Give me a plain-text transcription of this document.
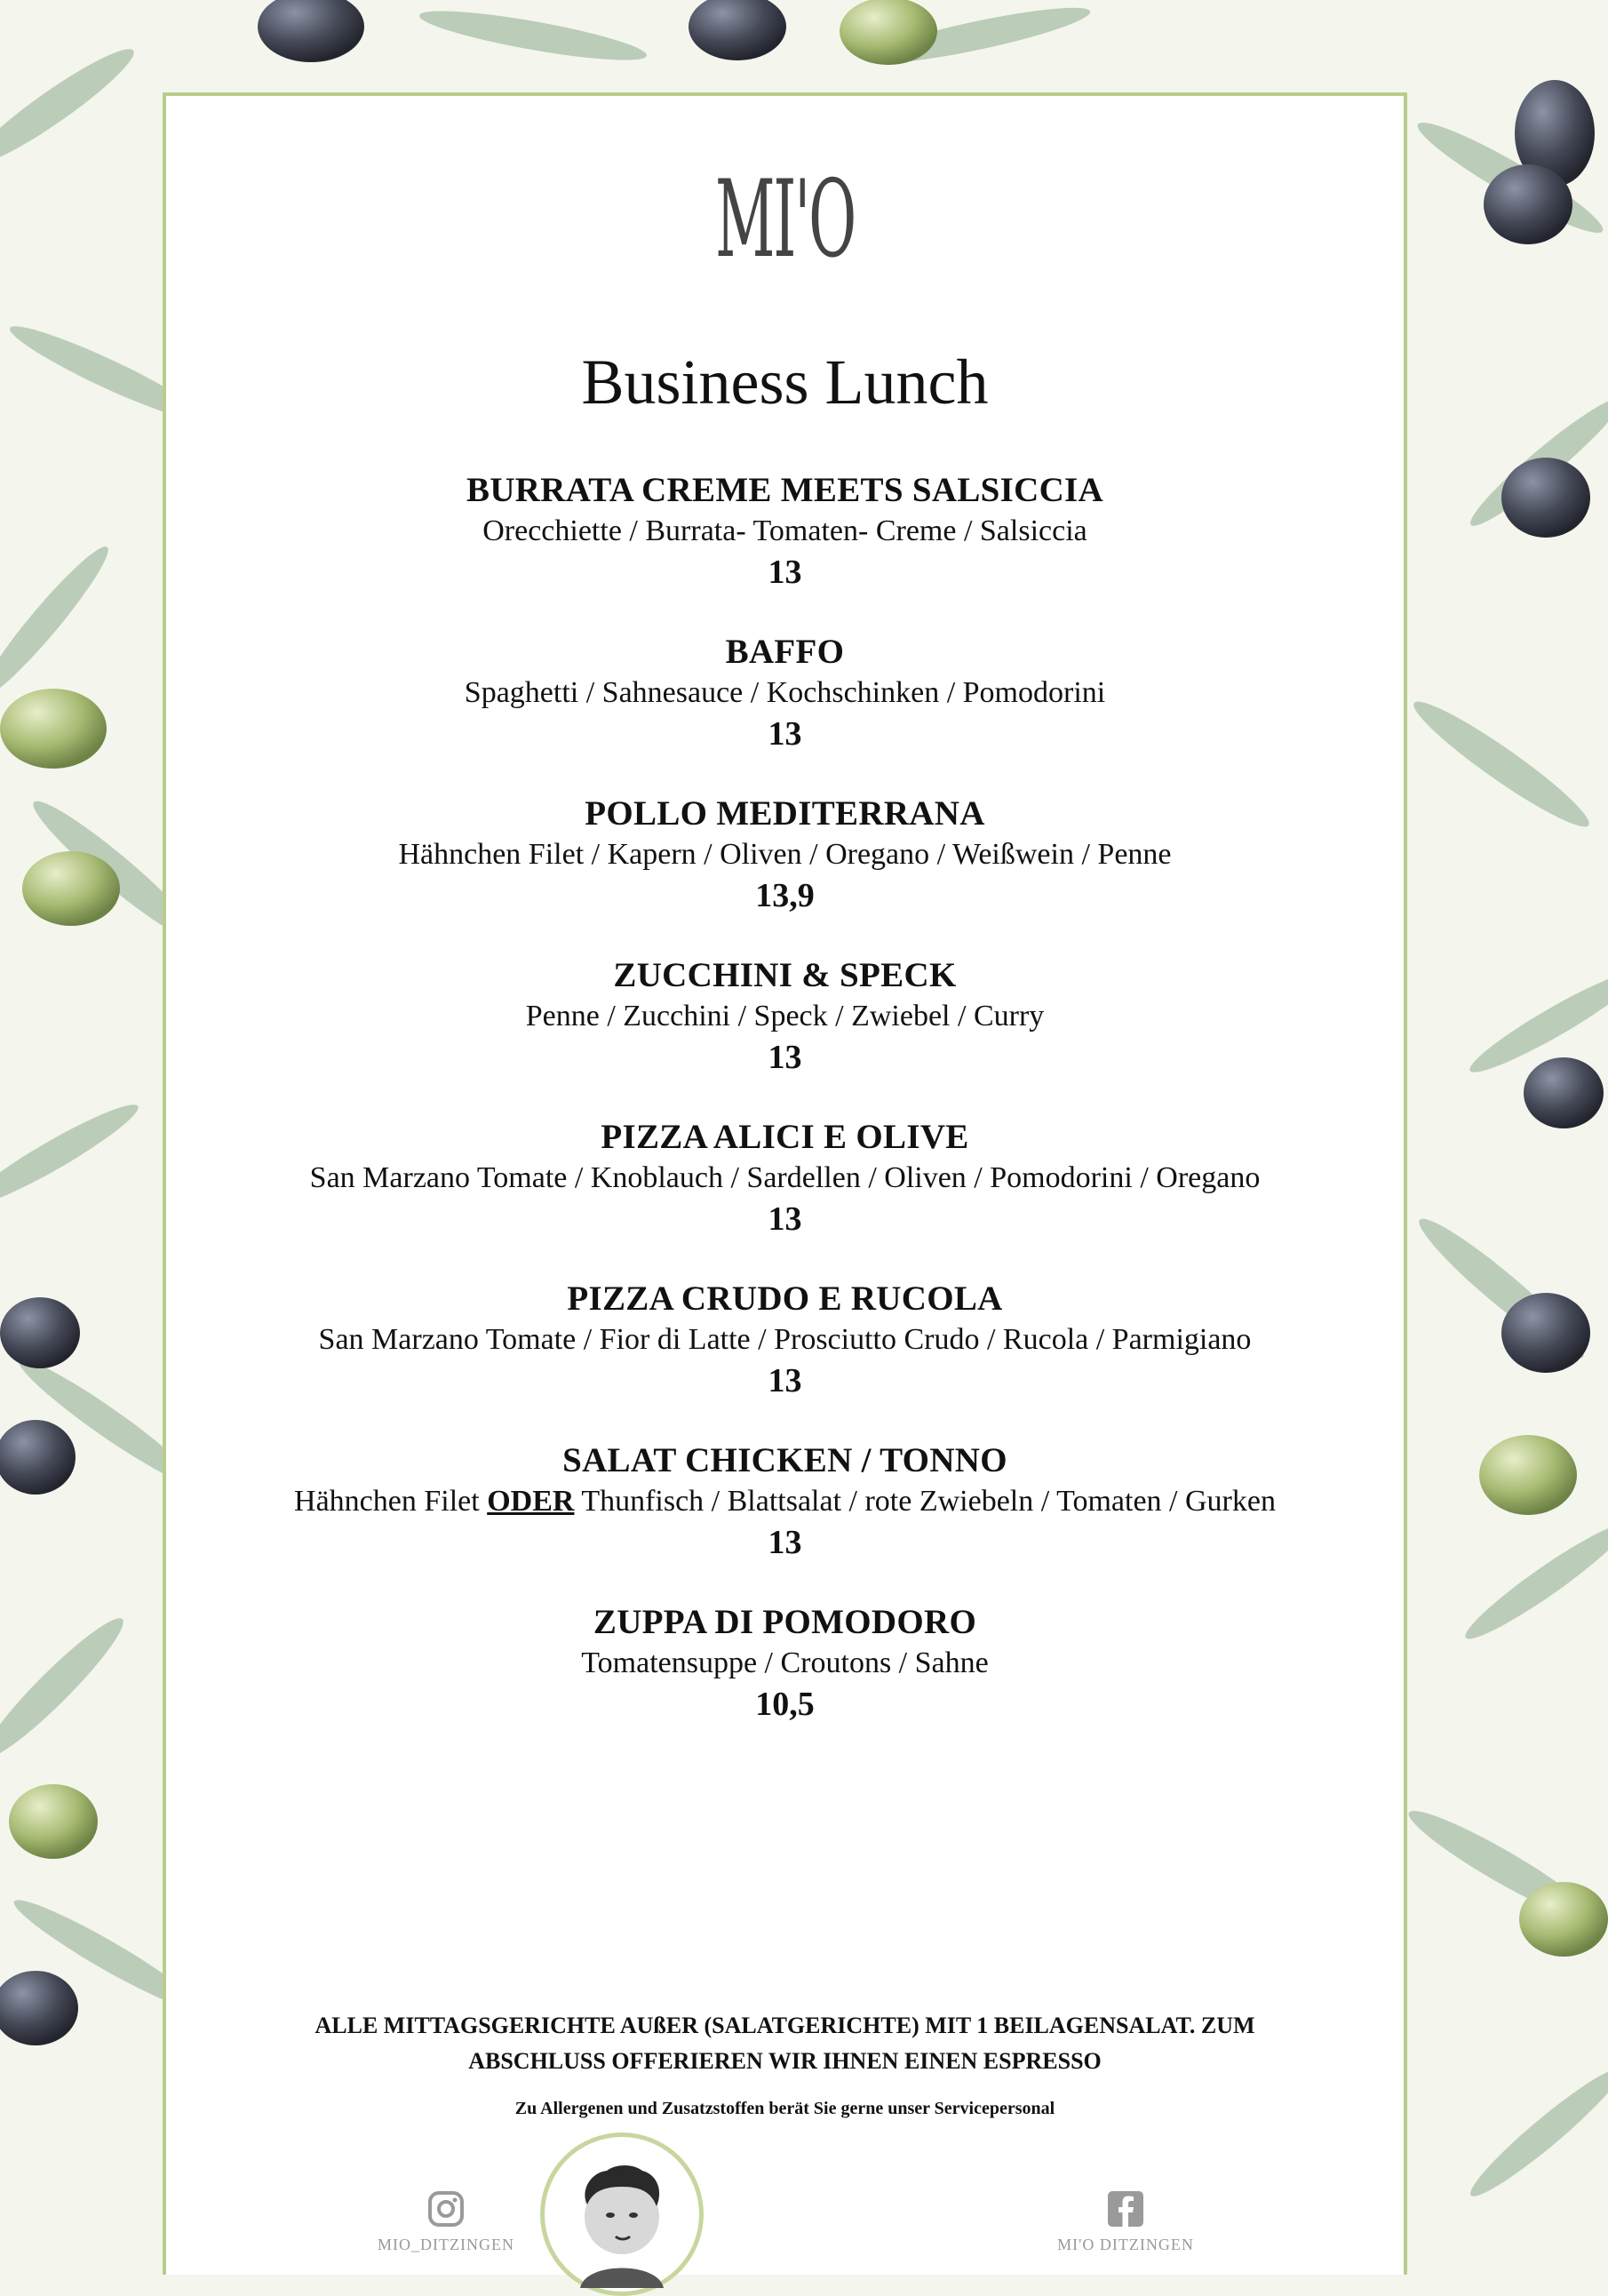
MI'O
Business Lunch
BURRATA CREME MEETS SALSICCIA
Orecchiette / Burrata- Tomaten- Creme / Salsiccia
13
BAFFO
Spaghetti / Sahnesauce / Kochschinken / Pomodorini
13
POLLO MEDITERRANA
Hähnchen Filet / Kapern / Oliven / Oregano / Weißwein / Penne
13,9
ZUCCHINI & SPECK
Penne / Zucchini / Speck / Zwiebel / Curry
13
PIZZA ALICI E OLIVE
San Marzano Tomate / Knoblauch / Sardellen / Oliven / Pomodorini / Oregano
13
PIZZA CRUDO E RUCOLA
San Marzano Tomate / Fior di Latte / Prosciutto Crudo / Rucola / Parmigiano
13
SALAT CHICKEN / TONNO
Hähnchen Filet ODER Thunfisch / Blattsalat / rote Zwiebeln / Tomaten / Gurken
13
ZUPPA DI POMODORO
Tomatensuppe / Croutons / Sahne
10,5
ALLE MITTAGSGERICHTE AUßER (SALATGERICHTE) MIT 1 BEILAGENSALAT. ZUM
ABSCHLUSS OFFERIEREN WIR IHNEN EINEN ESPRESSO
Zu Allergenen und Zusatzstoffen berät Sie gerne unser Servicepersonal
MIO_DITZINGEN	MI'O DITZINGEN
